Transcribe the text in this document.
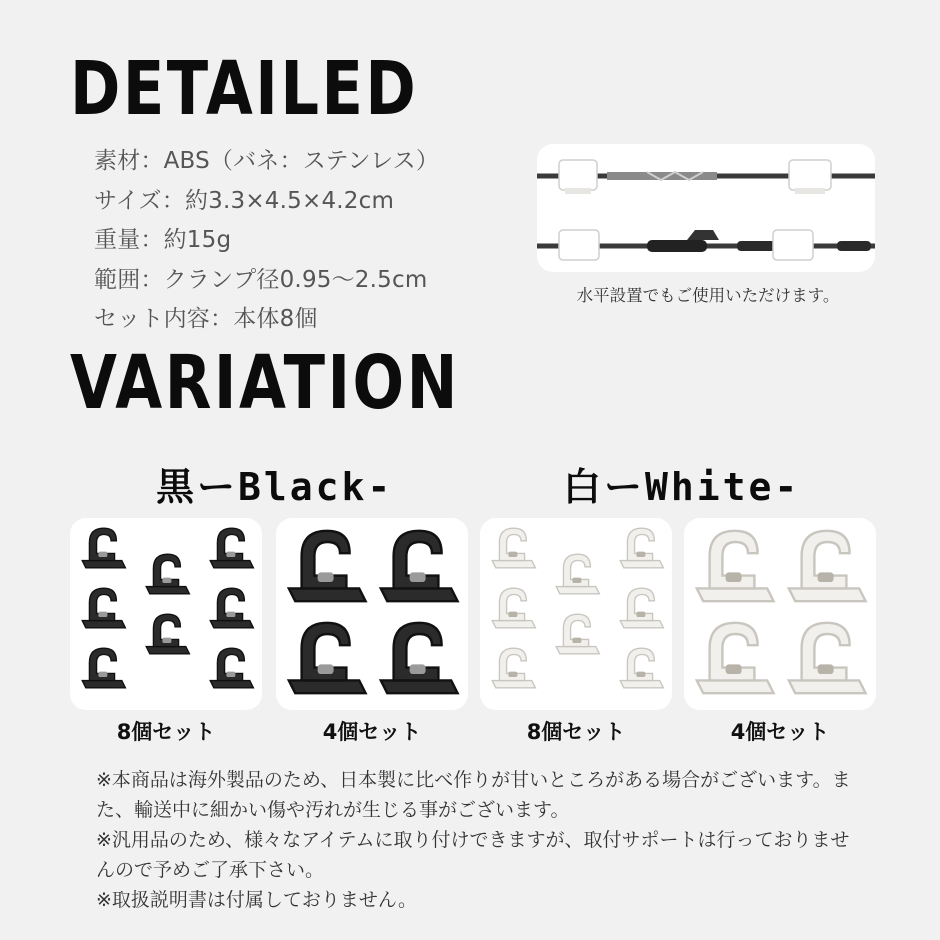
DETAILED
素材：ABS（バネ：ステンレス）
サイズ：約3.3×4.5×4.2cm
重量：約15g
範囲：クランプ径0.95～2.5cm
セット内容：本体8個
水平設置でもご使用いただけます。
VARIATION
黒ーBlack-	白ーWhite-
8個セット	4個セット	8個セット	4個セット

※本商品は海外製品のため、日本製に比べ作りが甘いところがある場合がございます。また、輸送中に細かい傷や汚れが生じる事がございます。

※汎用品のため、様々なアイテムに取り付けできますが、取付サポートは行っておりませんので予めご了承下さい。

※取扱説明書は付属しておりません。
